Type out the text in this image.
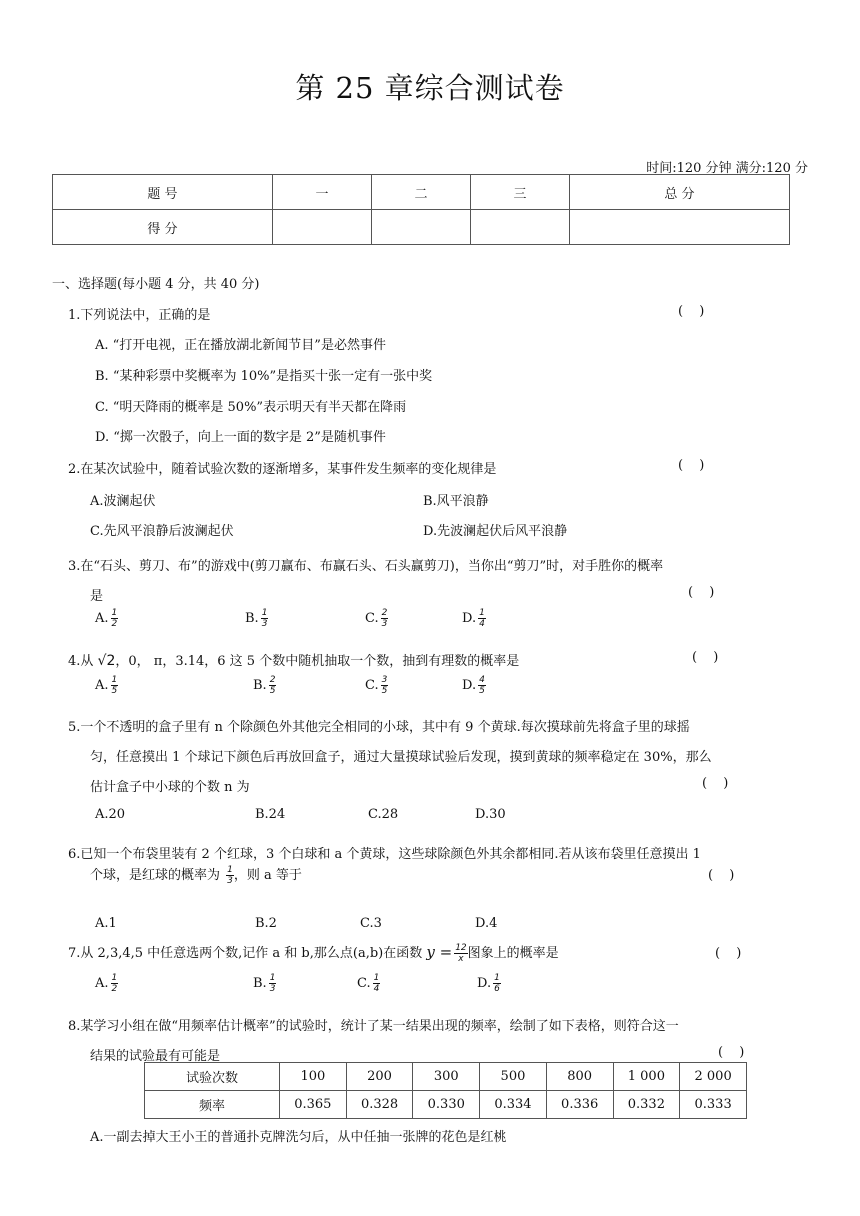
第 25 章综合测试卷
时间:120 分钟 满分:120 分
题 号	一	二	三	总 分
得 分				
一、选择题(每小题 4 分，共 40 分)
1.下列说法中，正确的是	( )
A. “打开电视，正在播放湖北新闻节目”是必然事件
B. “某种彩票中奖概率为 10%”是指买十张一定有一张中奖
C. “明天降雨的概率是 50%”表示明天有半天都在降雨
D. “掷一次骰子，向上一面的数字是 2”是随机事件
2.在某次试验中，随着试验次数的逐渐增多，某事件发生频率的变化规律是	( )
A.波澜起伏	B.风平浪静
C.先风平浪静后波澜起伏	D.先波澜起伏后风平浪静
3.在“石头、剪刀、布”的游戏中(剪刀赢布、布赢石头、石头赢剪刀)，当你出“剪刀”时，对手胜你的概率
是	( )
A. $\frac{1}{2}$	B. $\frac{1}{3}$	C. $\frac{2}{3}$	D. $\frac{1}{4}$
4.从 √2，0， π，3.14，6 这 5 个数中随机抽取一个数，抽到有理数的概率是	( )
A. $\frac{1}{5}$	B. $\frac{2}{5}$	C. $\frac{3}{5}$	D. $\frac{4}{5}$
5.一个不透明的盒子里有 n 个除颜色外其他完全相同的小球，其中有 9 个黄球.每次摸球前先将盒子里的球摇
匀，任意摸出 1 个球记下颜色后再放回盒子，通过大量摸球试验后发现，摸到黄球的频率稳定在 30%，那么
估计盒子中小球的个数 n 为	( )
A.20	B.24	C.28	D.30
6.已知一个布袋里装有 2 个红球，3 个白球和 a 个黄球，这些球除颜色外其余都相同.若从该布袋里任意摸出 1
个球，是红球的概率为 $\frac{1}{3}$ ，则 a 等于	( )
A.1	B.2	C.3	D.4
7.从 2,3,4,5 中任意选两个数,记作 a 和 b,那么点(a,b)在函数 $y = \frac{12}{x}$ 图象上的概率是	( )
A. $\frac{1}{2}$	B. $\frac{1}{3}$	C. $\frac{1}{4}$	D. $\frac{1}{6}$
8.某学习小组在做“用频率估计概率”的试验时，统计了某一结果出现的频率，绘制了如下表格，则符合这一
结果的试验最有可能是	( )
试验次数	100	200	300	500	800	1 000	2 000
频率	0.365	0.328	0.330	0.334	0.336	0.332	0.333
A.一副去掉大王小王的普通扑克牌洗匀后，从中任抽一张牌的花色是红桃
